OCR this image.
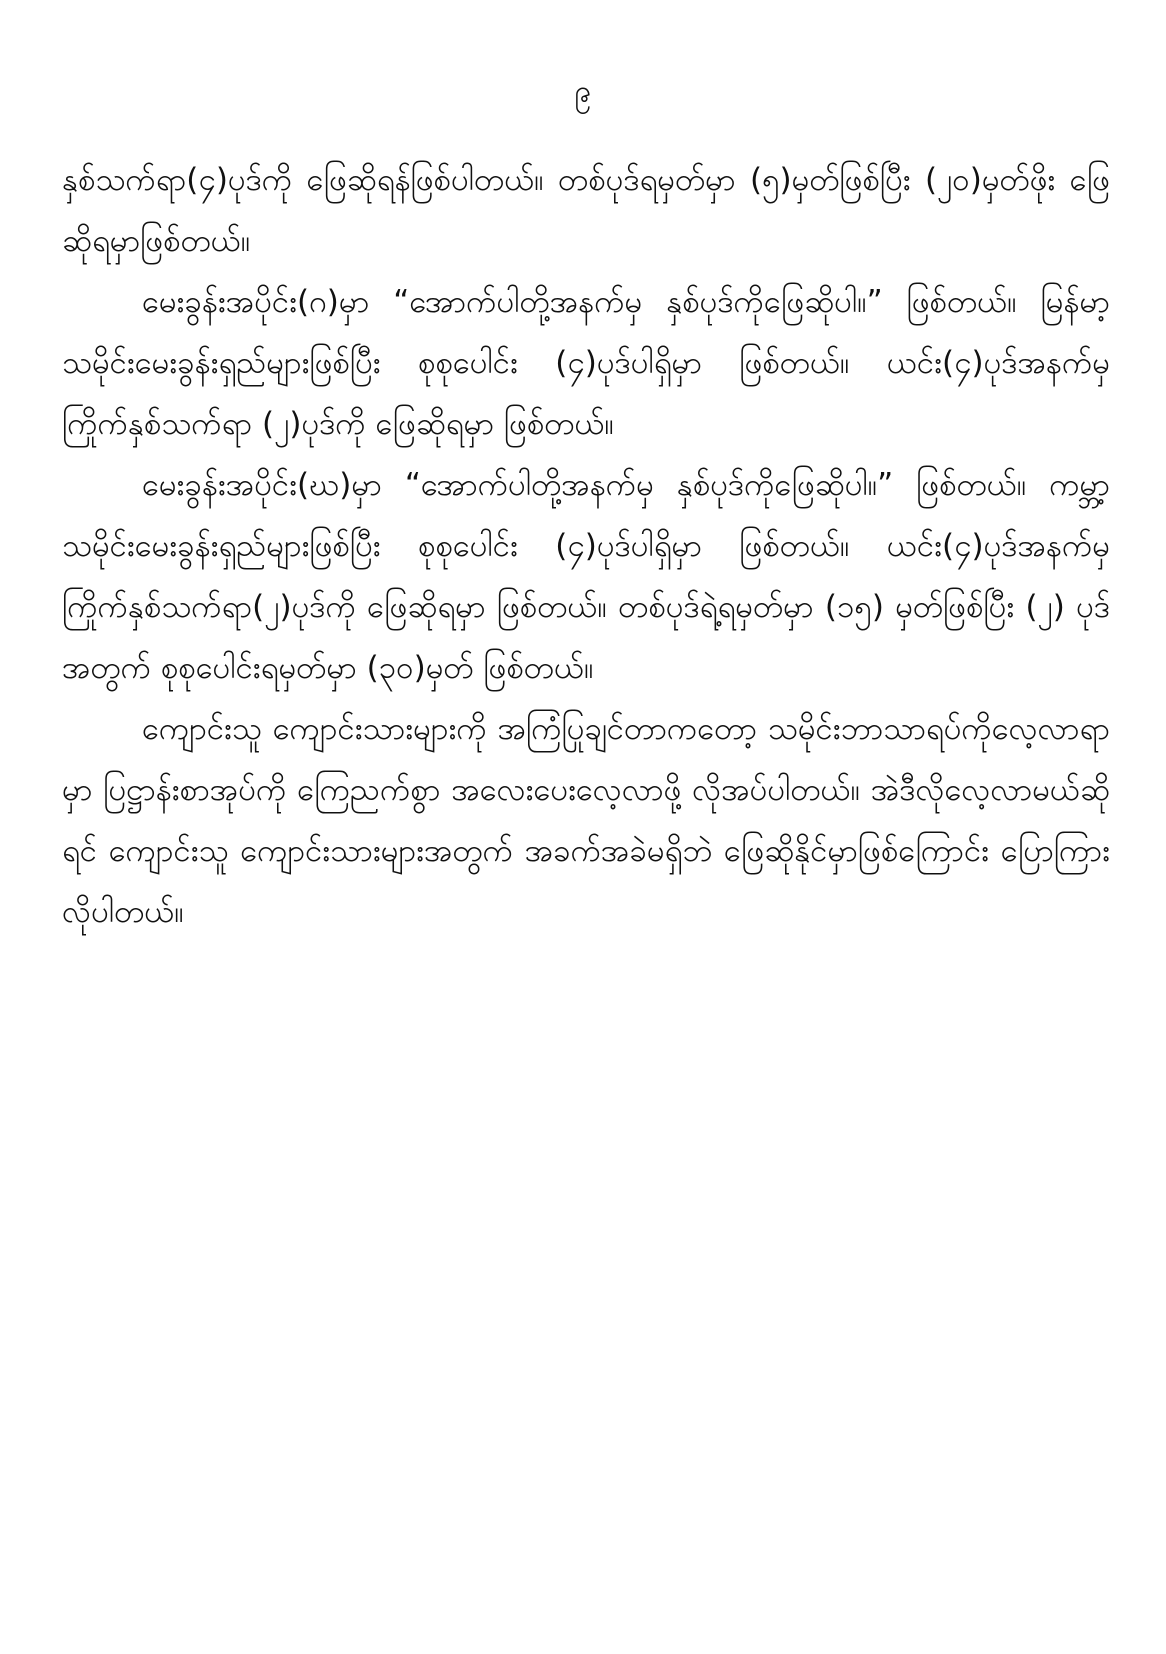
၉

နှစ်သက်ရာ(၄)ပုဒ်ကို ဖြေဆိုရန်ဖြစ်ပါတယ်။ တစ်ပုဒ်ရမှတ်မှာ (၅)မှတ်ဖြစ်ပြီး (၂၀)မှတ်ဖိုး ဖြေဆိုရမှာဖြစ်တယ်။

မေးခွန်းအပိုင်း(ဂ)မှာ “အောက်ပါတို့အနက်မှ နှစ်ပုဒ်ကိုဖြေဆိုပါ။” ဖြစ်တယ်။ မြန်မာ့သမိုင်းမေးခွန်းရှည်များဖြစ်ပြီး စုစုပေါင်း (၄)ပုဒ်ပါရှိမှာ ဖြစ်တယ်။ ယင်း(၄)ပုဒ်အနက်မှ ကြိုက်နှစ်သက်ရာ (၂)ပုဒ်ကို ဖြေဆိုရမှာ ဖြစ်တယ်။

မေးခွန်းအပိုင်း(ဃ)မှာ “အောက်ပါတို့အနက်မှ နှစ်ပုဒ်ကိုဖြေဆိုပါ။” ဖြစ်တယ်။ ကမ္ဘာ့သမိုင်းမေးခွန်းရှည်များဖြစ်ပြီး စုစုပေါင်း (၄)ပုဒ်ပါရှိမှာ ဖြစ်တယ်။ ယင်း(၄)ပုဒ်အနက်မှ ကြိုက်နှစ်သက်ရာ(၂)ပုဒ်ကို ဖြေဆိုရမှာ ဖြစ်တယ်။ တစ်ပုဒ်ရဲ့ရမှတ်မှာ (၁၅) မှတ်ဖြစ်ပြီး (၂) ပုဒ်အတွက် စုစုပေါင်းရမှတ်မှာ (၃၀)မှတ် ဖြစ်တယ်။

ကျောင်းသူ ကျောင်းသားများကို အကြံပြုချင်တာကတော့ သမိုင်းဘာသာရပ်ကိုလေ့လာရာမှာ ပြဋ္ဌာန်းစာအုပ်ကို ကြေညက်စွာ အလေးပေးလေ့လာဖို့ လိုအပ်ပါတယ်။ အဲဒီလိုလေ့လာမယ်ဆိုရင် ကျောင်းသူ ကျောင်းသားများအတွက် အခက်အခဲမရှိဘဲ ဖြေဆိုနိုင်မှာဖြစ်ကြောင်း ပြောကြားလိုပါတယ်။
